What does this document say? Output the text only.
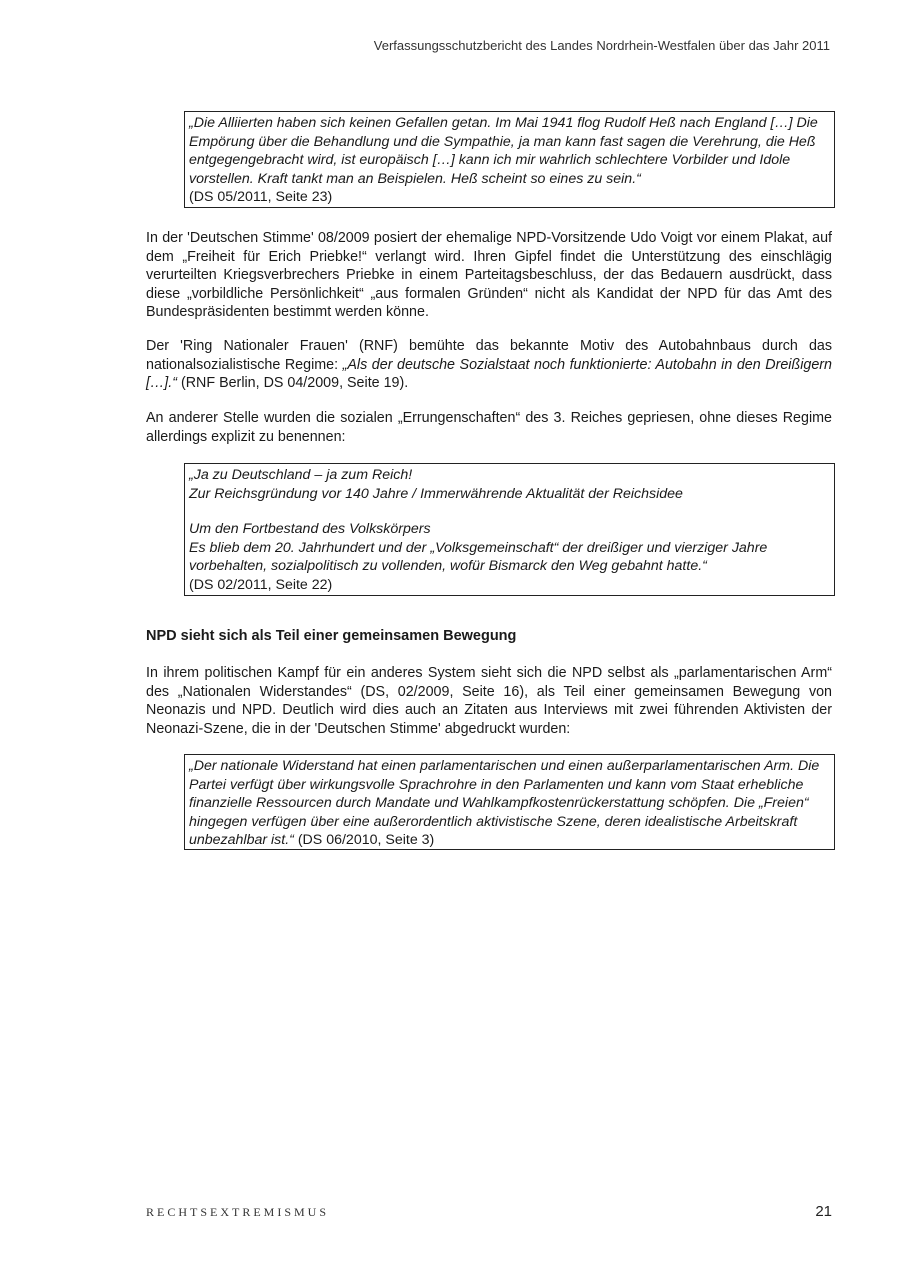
Verfassungsschutzbericht des Landes Nordrhein-Westfalen über das Jahr 2011

„Die Alliierten haben sich keinen Gefallen getan. Im Mai 1941 flog Rudolf Heß nach England […] Die Empörung über die Behandlung und die Sympathie, ja man kann fast sagen die Verehrung, die Heß entgegengebracht wird, ist europäisch […] kann ich mir wahrlich schlechtere Vorbilder und Idole vorstellen. Kraft tankt man an Beispielen. Heß scheint so eines zu sein.“

(DS 05/2011, Seite 23)

In der 'Deutschen Stimme' 08/2009 posiert der ehemalige NPD-Vorsitzende Udo Voigt vor einem Plakat, auf dem „Freiheit für Erich Priebke!“ verlangt wird. Ihren Gipfel findet die Unterstützung des einschlägig verurteilten Kriegsverbrechers Priebke in einem Parteitagsbeschluss, der das Bedauern ausdrückt, dass diese „vorbildliche Persönlichkeit“ „aus formalen Gründen“ nicht als Kandidat der NPD für das Amt des Bundespräsidenten bestimmt werden könne.

Der 'Ring Nationaler Frauen' (RNF) bemühte das bekannte Motiv des Autobahnbaus durch das nationalsozialistische Regime: „Als der deutsche Sozialstaat noch funktionierte: Autobahn in den Dreißigern […].“ (RNF Berlin, DS 04/2009, Seite 19).

An anderer Stelle wurden die sozialen „Errungenschaften“ des 3. Reiches gepriesen, ohne dieses Regime allerdings explizit zu benennen:

„Ja zu Deutschland – ja zum Reich!

Zur Reichsgründung vor 140 Jahre / Immerwährende Aktualität der Reichsidee

Um den Fortbestand des Volkskörpers

Es blieb dem 20. Jahrhundert und der „Volksgemeinschaft“ der dreißiger und vierziger Jahre vorbehalten, sozialpolitisch zu vollenden, wofür Bismarck den Weg gebahnt hatte.“

(DS 02/2011, Seite 22)

NPD sieht sich als Teil einer gemeinsamen Bewegung

In ihrem politischen Kampf für ein anderes System sieht sich die NPD selbst als „parlamentarischen Arm“ des „Nationalen Widerstandes“ (DS, 02/2009, Seite 16), als Teil einer gemeinsamen Bewegung von Neonazis und NPD. Deutlich wird dies auch an Zitaten aus Interviews mit zwei führenden Aktivisten der Neonazi-Szene, die in der 'Deutschen Stimme' abgedruckt wurden:

„Der nationale Widerstand hat einen parlamentarischen und einen außerparlamentarischen Arm. Die Partei verfügt über wirkungsvolle Sprachrohre in den Parlamenten und kann vom Staat erhebliche finanzielle Ressourcen durch Mandate und Wahlkampfkostenrückerstattung schöpfen. Die „Freien“ hingegen verfügen über eine außerordentlich aktivistische Szene, deren idealistische Arbeitskraft unbezahlbar ist.“ (DS 06/2010, Seite 3)

RECHTSEXTREMISMUS	21
